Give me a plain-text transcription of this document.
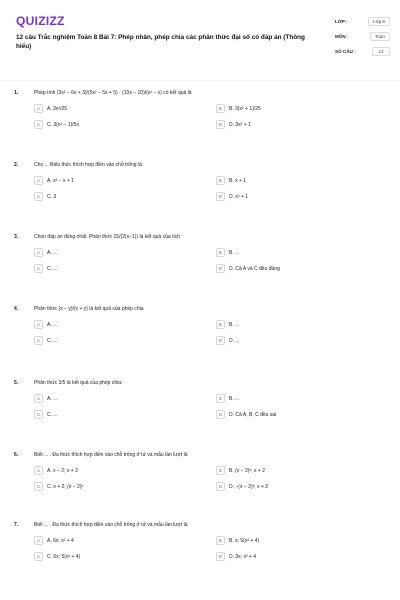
QUIZIZZ
12 câu Trắc nghiệm Toán 8 Bài 7: Phép nhân, phép chia các phân thức đại số có đáp án (Thông hiểu)
LỚP :	Lớp 8
MÔN :	Toán
SỐ CÂU :	12
1.	Phép tính (3x² − 6x + 3)/(5x² − 5x + 5) · (10x − 10)/(x² − x) có kết quả là
A	A. 3x²/25	B	B. 3(x² + 1)/25
C	C. 3(x² − 1)/5x	D	D. 3x² + 1
2.	Cho ... Biểu thức thích hợp điền vào chỗ trống là:
A	A. x² − x + 1	B	B. x + 1
C	C. 3	D	D. x³ + 1
3.	Chọn đáp án đúng nhất. Phân thức 15/(2(x−1)) là kết quả của tích
A	A. ...	B	B. ...
C	C. ...	D	D. Cả A và C đều đúng
4.	Phân thức (x − y)/(x + y) là kết quả của phép chia
A	A. ...	B	B. ...
C	C. ...	D	D. ...
5.	Phân thức 3/5 là kết quả của phép chia:
A	A. ...	B	B. ...
C	C. ...	D	D. Cả A, B, C đều sai
6.	Biết ... . Đa thức thích hợp điền vào chỗ trống ở tử và mẫu lần lượt là
A	A. x − 2; x + 2	B	B. (x − 2)²; x + 2
C	C. x + 2; (x − 2)²	D	D. −(x − 2)²; x + 2
7.	Biết ... . Đa thức thích hợp điền vào chỗ trống ở tử và mẫu lần lượt là
A	A. 6x; x² + 4	B	B. x; 5(x² + 4)
C	C. 6x; 5(x² + 4)	D	D. 3x; x² + 4
